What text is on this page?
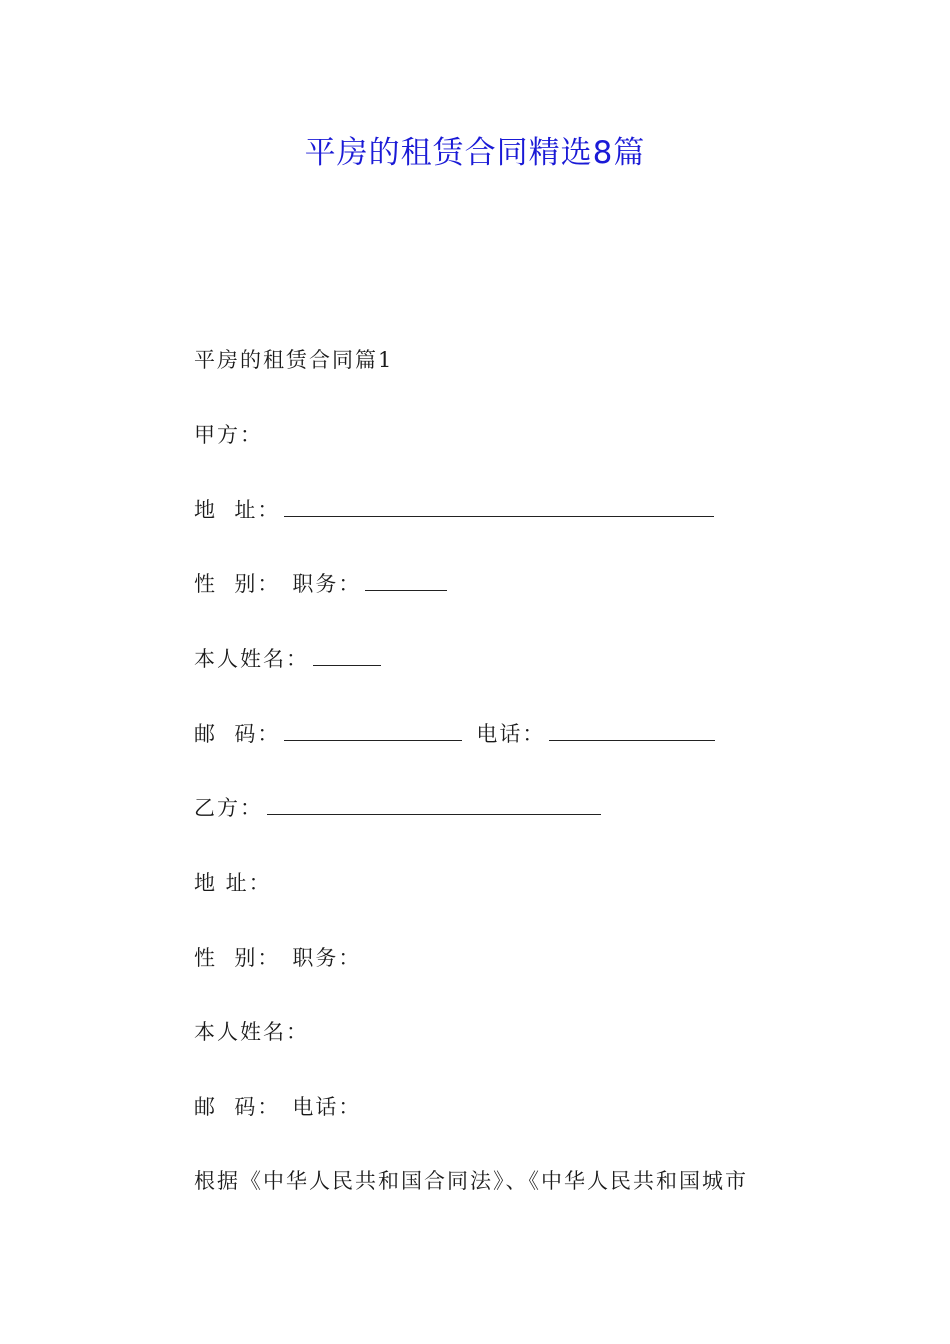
平房的租赁合同精选8篇
平房的租赁合同篇1
甲方：
地  址：
性  别： 职务：
本人姓名：
邮  码：	电话：
乙方：
地 址：
性  别： 职务：
本人姓名：
邮  码： 电话：
根据《中华人民共和国合同法》、《中华人民共和国城市
